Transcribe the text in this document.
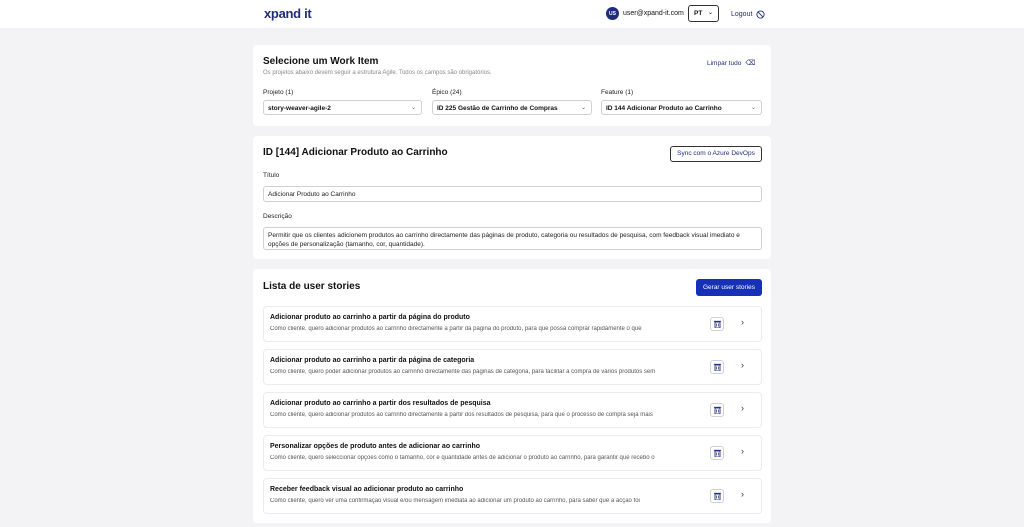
xpand it	US	user@xpand-it.com	PT ⌄	Logout
Selecione um Work Item
Os projetos abaixo devem seguir a estrutura Agile. Todos os campos são obrigatórios.
Limpar tudo ⌫
Projeto (1)
story-weaver-agile-2	⌄
Épico (24)
ID 225 Gestão de Carrinho de Compras	⌄
Feature (1)
ID 144 Adicionar Produto ao Carrinho	⌄
ID [144] Adicionar Produto ao Carrinho	Sync com o Azure DevOps
Título
Adicionar Produto ao Carrinho
Descrição
Permitir que os clientes adicionem produtos ao carrinho directamente das páginas de produto, categoria ou resultados de pesquisa, com feedback visual imediato e opções de personalização (tamanho, cor, quantidade).
Lista de user stories	Gerar user stories
Adicionar produto ao carrinho a partir da página do produto
Como cliente, quero adicionar produtos ao carrinho directamente a partir da página do produto, para que possa comprar rapidamente o que
›
Adicionar produto ao carrinho a partir da página de categoria
Como cliente, quero poder adicionar produtos ao carrinho directamente das páginas de categoria, para facilitar a compra de vários produtos sem
›
Adicionar produto ao carrinho a partir dos resultados de pesquisa
Como cliente, quero adicionar produtos ao carrinho directamente a partir dos resultados de pesquisa, para que o processo de compra seja mais
›
Personalizar opções de produto antes de adicionar ao carrinho
Como cliente, quero seleccionar opções como o tamanho, cor e quantidade antes de adicionar o produto ao carrinho, para garantir que recebo o
›
Receber feedback visual ao adicionar produto ao carrinho
Como cliente, quero ver uma confirmação visual e/ou mensagem imediata ao adicionar um produto ao carrinho, para saber que a acção foi
›
